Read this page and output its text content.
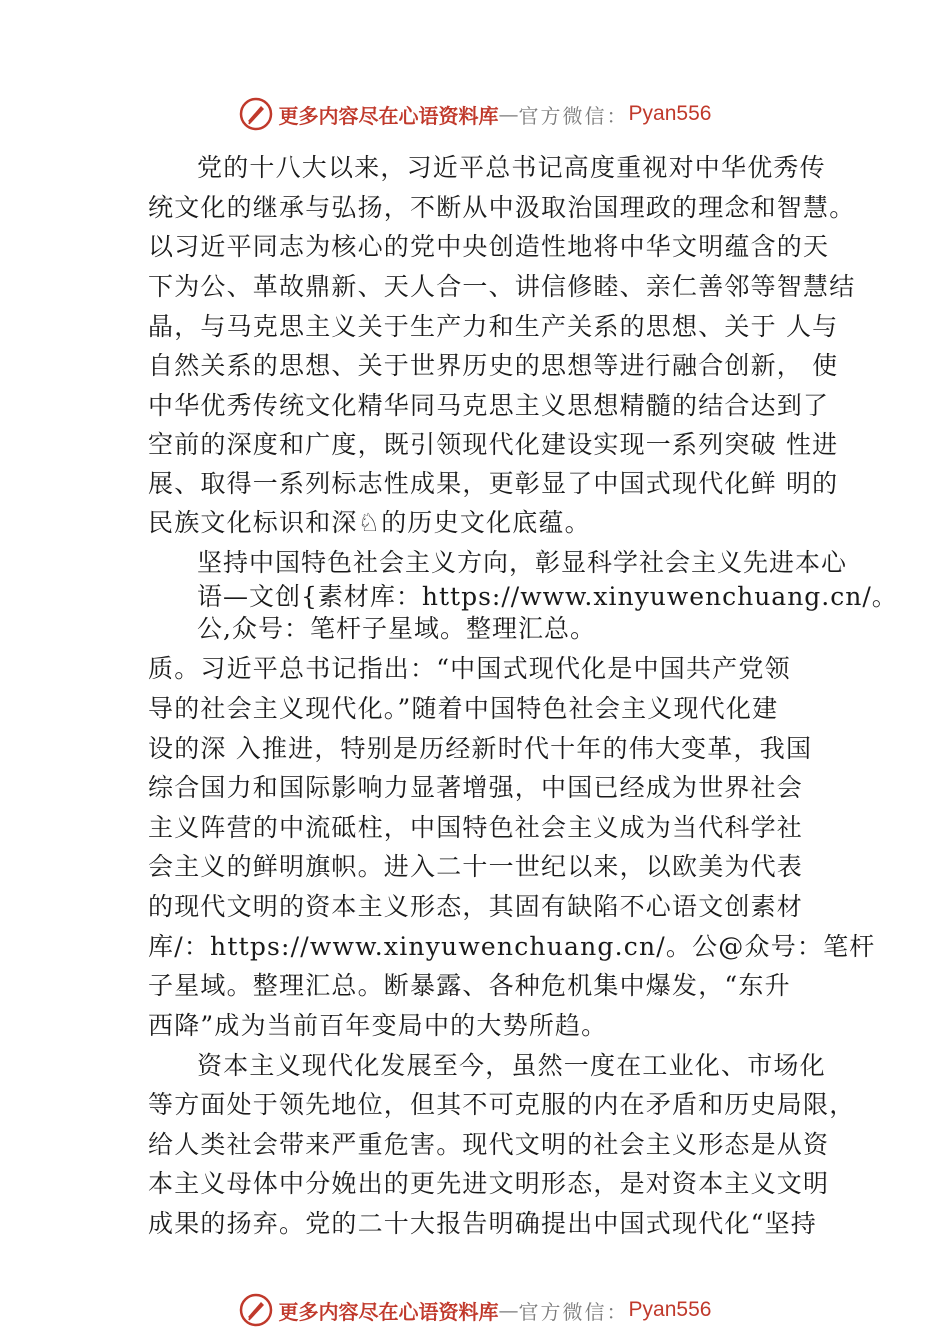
更多内容尽在心语资料库 — 官方微信： Pyan556
党的十八大以来，习近平总书记高度重视对中华优秀传
统文化的继承与弘扬，不断从中汲取治国理政的理念和智慧。
以习近平同志为核心的党中央创造性地将中华文明蕴含的天
下为公、革故鼎新、天人合一、讲信修睦、亲仁善邻等智慧结
晶，与马克思主义关于生产力和生产关系的思想、关于 人与
自然关系的思想、关于世界历史的思想等进行融合创新， 使
中华优秀传统文化精华同马克思主义思想精髓的结合达到了
空前的深度和广度，既引领现代化建设实现一系列突破 性进
展、取得一系列标志性成果，更彰显了中国式现代化鲜 明的
民族文化标识和深♘的历史文化底蕴。
坚持中国特色社会主义方向，彰显科学社会主义先进本心
语—文创{素材库：https://www.xinyuwenchuang.cn/。
公,众号：笔杆子星域。整理汇总。
质。习近平总书记指出：“中国式现代化是中国共产党领
导的社会主义现代化。”随着中国特色社会主义现代化建
设的深 入推进，特别是历经新时代十年的伟大变革，我国
综合国力和国际影响力显著增强，中国已经成为世界社会
主义阵营的中流砥柱，中国特色社会主义成为当代科学社
会主义的鲜明旗帜。进入二十一世纪以来，以欧美为代表
的现代文明的资本主义形态，其固有缺陷不心语文创素材
库/：https://www.xinyuwenchuang.cn/。公@众号：笔杆
子星域。整理汇总。断暴露、各种危机集中爆发，“东升
西降”成为当前百年变局中的大势所趋。
资本主义现代化发展至今，虽然一度在工业化、市场化
等方面处于领先地位，但其不可克服的内在矛盾和历史局限，
给人类社会带来严重危害。现代文明的社会主义形态是从资
本主义母体中分娩出的更先进文明形态，是对资本主义文明
成果的扬弃。党的二十大报告明确提出中国式现代化“坚持
更多内容尽在心语资料库 — 官方微信： Pyan556
